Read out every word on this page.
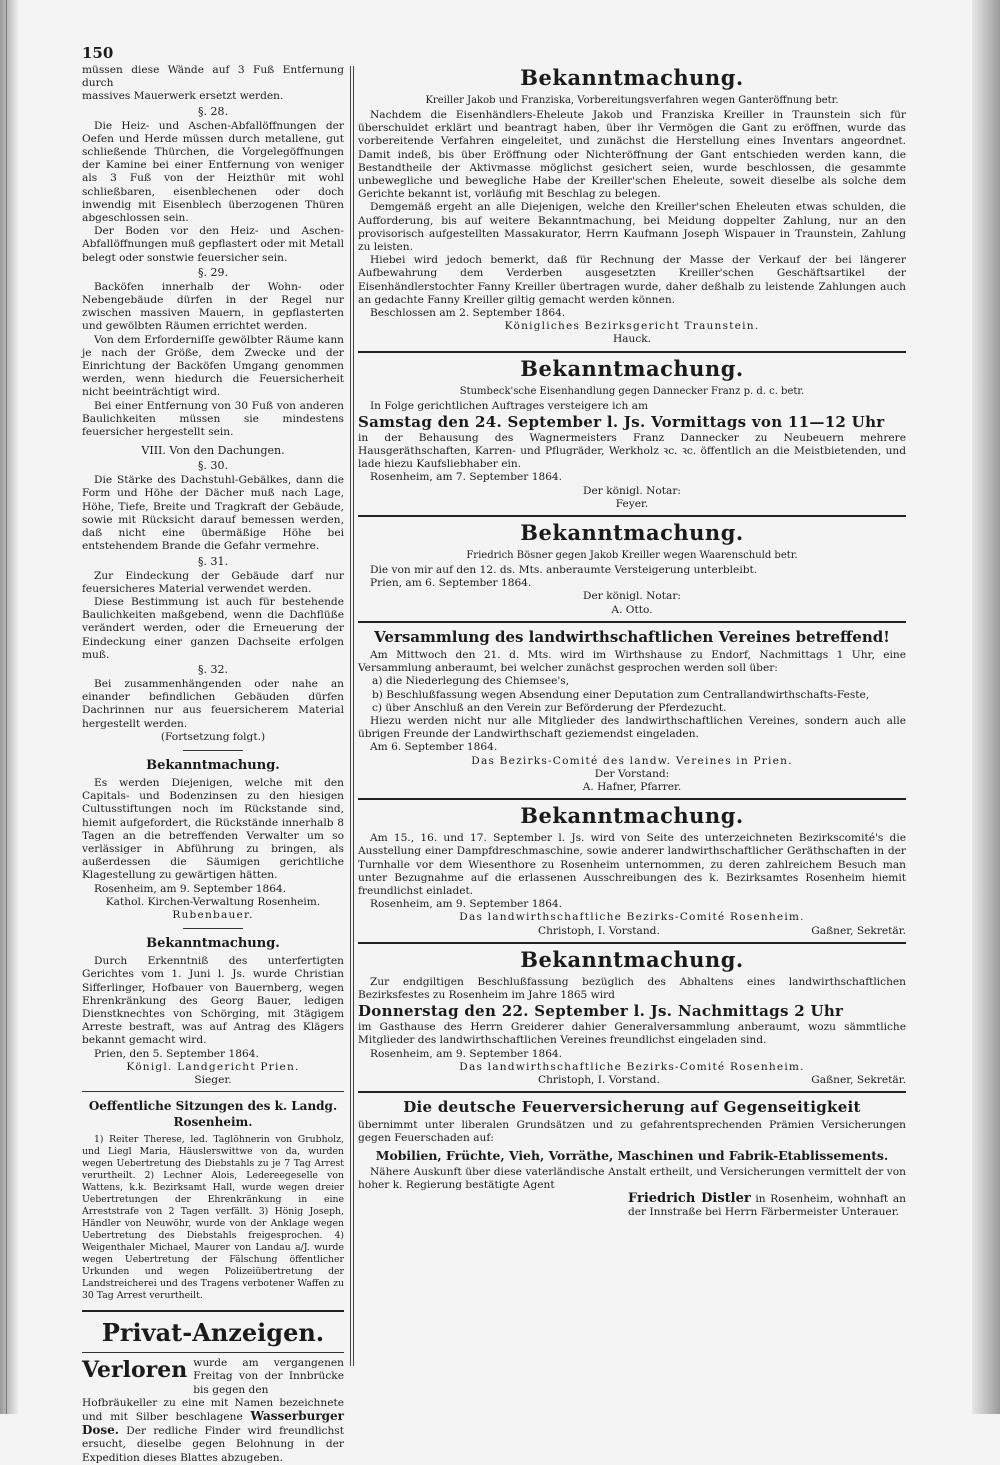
150

müssen diese Wände auf 3 Fuß Entfernung durch

massives Mauerwerk ersetzt werden.

§. 28.

Die Heiz- und Aschen-Abfallöffnungen der Oefen und Herde müssen durch metallene, gut schließende Thürchen, die Vorgelegöffnungen der Kamine bei einer Entfernung von weniger als 3 Fuß von der Heizthür mit wohl schließbaren, eisenblechenen oder doch inwendig mit Eisenblech überzogenen Thüren abgeschlossen sein.

Der Boden vor den Heiz- und Aschen-Abfallöffnungen muß gepflastert oder mit Metall belegt oder sonstwie feuersicher sein.

§. 29.

Backöfen innerhalb der Wohn- oder Nebengebäude dürfen in der Regel nur zwischen massiven Mauern, in gepflasterten und gewölbten Räumen errichtet werden.

Von dem Erforderniſſe gewölbter Räume kann je nach der Größe, dem Zwecke und der Einrichtung der Backöfen Umgang genommen werden, wenn hiedurch die Feuersicherheit nicht beeinträchtigt wird.

Bei einer Entfernung von 30 Fuß von anderen Baulichkeiten müssen sie mindestens feuersicher hergestellt sein.

VIII. Von den Dachungen.

§. 30.

Die Stärke des Dachstuhl-Gebälkes, dann die Form und Höhe der Dächer muß nach Lage, Höhe, Tiefe, Breite und Tragkraft der Gebäude, sowie mit Rücksicht darauf bemessen werden, daß nicht eine übermäßige Höhe bei entstehendem Brande die Gefahr vermehre.

§. 31.

Zur Eindeckung der Gebäude darf nur feuersicheres Material verwendet werden.

Diese Bestimmung ist auch für bestehende Baulichkeiten maßgebend, wenn die Dachflüße verändert werden, oder die Erneuerung der Eindeckung einer ganzen Dachseite erfolgen muß.

§. 32.

Bei zusammenhängenden oder nahe an einander befindlichen Gebäuden dürfen Dachrinnen nur aus feuersicherem Material hergestellt werden.

(Fortsetzung folgt.)

Bekanntmachung.

Es werden Diejenigen, welche mit den Capitals- und Bodenzinsen zu den hiesigen Cultusstiftungen noch im Rückstande sind, hiemit aufgefordert, die Rückstände innerhalb 8 Tagen an die betreffenden Verwalter um so verlässiger in Abführung zu bringen, als außerdessen die Säumigen gerichtliche Klagestellung zu gewärtigen hätten.

Rosenheim, am 9. September 1864.

Kathol. Kirchen-Verwaltung Rosenheim.

Rubenbauer.

Bekanntmachung.

Durch Erkenntniß des unterfertigten Gerichtes vom 1. Juni l. Js. wurde Christian Sifferlinger, Hofbauer von Bauernberg, wegen Ehrenkränkung des Georg Bauer, ledigen Dienstknechtes von Schörging, mit 3tägigem Arreste bestraft, was auf Antrag des Klägers bekannt gemacht wird.

Prien, den 5. September 1864.

Königl. Landgericht Prien.

Sieger.

Oeffentliche Sitzungen des k. Landg. Rosenheim.

1) Reiter Therese, led. Taglöhnerin von Grubholz, und Liegl Maria, Häuslerswittwe von da, wurden wegen Uebertretung des Diebstahls zu je 7 Tag Arrest verurtheilt. 2) Lechner Alois, Ledereegeselle von Wattens, k.k. Bezirksamt Hall, wurde wegen dreier Uebertretungen der Ehrenkränkung in eine Arreststrafe von 2 Tagen verfällt. 3) Hönig Joseph, Händler von Neuwöhr, wurde von der Anklage wegen Uebertretung des Diebstahls freigesprochen. 4) Weigenthaler Michael, Maurer von Landau a/J. wurde wegen Uebertretung der Fälschung öffentlicher Urkunden und wegen Polizeiübertretung der Landstreicherei und des Tragens verbotener Waffen zu 30 Tag Arrest verurtheilt.

Privat-Anzeigen.

Verloren wurde am vergangenen Freitag von der Innbrücke bis gegen den

Hofbräukeller zu eine mit Namen bezeichnete und mit Silber beschlagene Wasserburger Dose. Der redliche Finder wird freundlichst ersucht, dieselbe gegen Belohnung in der Expedition dieses Blattes abzugeben.

Bekanntmachung.

Kreiller Jakob und Franziska, Vorbereitungsverfahren wegen Ganteröffnung betr.

Nachdem die Eisenhändlers-Eheleute Jakob und Franziska Kreiller in Traunstein sich für überschuldet erklärt und beantragt haben, über ihr Vermögen die Gant zu eröffnen, wurde das vorbereitende Verfahren eingeleitet, und zunächst die Herstellung eines Inventars angeordnet. Damit indeß, bis über Eröffnung oder Nichteröffnung der Gant entschieden werden kann, die Bestandtheile der Aktivmasse möglichst gesichert seien, wurde beschlossen, die gesammte unbewegliche und bewegliche Habe der Kreiller'schen Eheleute, soweit dieselbe als solche dem Gerichte bekannt ist, vorläufig mit Beschlag zu belegen.

Demgemäß ergeht an alle Diejenigen, welche den Kreiller'schen Eheleuten etwas schulden, die Aufforderung, bis auf weitere Bekanntmachung, bei Meidung doppelter Zahlung, nur an den provisorisch aufgestellten Massakurator, Herrn Kaufmann Joseph Wispauer in Traunstein, Zahlung zu leisten.

Hiebei wird jedoch bemerkt, daß für Rechnung der Masse der Verkauf der bei längerer Aufbewahrung dem Verderben ausgesetzten Kreiller'schen Geschäftsartikel der Eisenhändlerstochter Fanny Kreiller übertragen wurde, daher deßhalb zu leistende Zahlungen auch an gedachte Fanny Kreiller giltig gemacht werden können.

Beschlossen am 2. September 1864.

Königliches Bezirksgericht Traunstein.

Hauck.

Bekanntmachung.

Stumbeck'sche Eisenhandlung gegen Dannecker Franz p. d. c. betr.

In Folge gerichtlichen Auftrages versteigere ich am

Samstag den 24. September l. Js. Vormittags von 11—12 Uhr

in der Behausung des Wagnermeisters Franz Dannecker zu Neubeuern mehrere Hausgeräthschaften, Karren- und Pflugräder, Werkholz ꝛc. ꝛc. öffentlich an die Meistbietenden, und lade hiezu Kaufsliebhaber ein.

Rosenheim, am 7. September 1864.

Der königl. Notar:

Feyer.

Bekanntmachung.

Friedrich Bösner gegen Jakob Kreiller wegen Waarenschuld betr.

Die von mir auf den 12. ds. Mts. anberaumte Versteigerung unterbleibt.

Prien, am 6. September 1864.

Der königl. Notar:

A. Otto.

Versammlung des landwirthschaftlichen Vereines betreffend!

Am Mittwoch den 21. d. Mts. wird im Wirthshause zu Endorf, Nachmittags 1 Uhr, eine Versammlung anberaumt, bei welcher zunächst gesprochen werden soll über:

a) die Niederlegung des Chiemsee's,

b) Beschlußfassung wegen Absendung einer Deputation zum Centrallandwirthschafts-Feste,

c) über Anschluß an den Verein zur Beförderung der Pferdezucht.

Hiezu werden nicht nur alle Mitglieder des landwirthschaftlichen Vereines, sondern auch alle übrigen Freunde der Landwirthschaft geziemendst eingeladen.

Am 6. September 1864.

Das Bezirks-Comité des landw. Vereines in Prien.

Der Vorstand:

A. Hafner, Pfarrer.

Bekanntmachung.

Am 15., 16. und 17. September l. Js. wird von Seite des unterzeichneten Bezirkscomité's die Ausstellung einer Dampfdreschmaschine, sowie anderer landwirthschaftlicher Geräthschaften in der Turnhalle vor dem Wiesenthore zu Rosenheim unternommen, zu deren zahlreichem Besuch man unter Bezugnahme auf die erlassenen Ausschreibungen des k. Bezirksamtes Rosenheim hiemit freundlichst einladet.

Rosenheim, am 9. September 1864.

Das landwirthschaftliche Bezirks-Comité Rosenheim.

Christoph, I. Vorstand.	Gaßner, Sekretär.

Bekanntmachung.

Zur endgiltigen Beschlußfassung bezüglich des Abhaltens eines landwirthschaftlichen Bezirksfestes zu Rosenheim im Jahre 1865 wird

Donnerstag den 22. September l. Js. Nachmittags 2 Uhr

im Gasthause des Herrn Greiderer dahier Generalversammlung anberaumt, wozu sämmtliche Mitglieder des landwirthschaftlichen Vereines freundlichst eingeladen sind.

Rosenheim, am 9. September 1864.

Das landwirthschaftliche Bezirks-Comité Rosenheim.

Christoph, I. Vorstand.	Gaßner, Sekretär.

Die deutsche Feuerversicherung auf Gegenseitigkeit

übernimmt unter liberalen Grundsätzen und zu gefahrentsprechenden Prämien Versicherungen gegen Feuerschaden auf:

Mobilien, Früchte, Vieh, Vorräthe, Maschinen und Fabrik-Etablissements.

Nähere Auskunft über diese vaterländische Anstalt ertheilt, und Versicherungen vermittelt der von hoher k. Regierung bestätigte Agent

Friedrich Distler in Rosenheim, wohnhaft an der Innstraße bei Herrn Färbermeister Unterauer.
